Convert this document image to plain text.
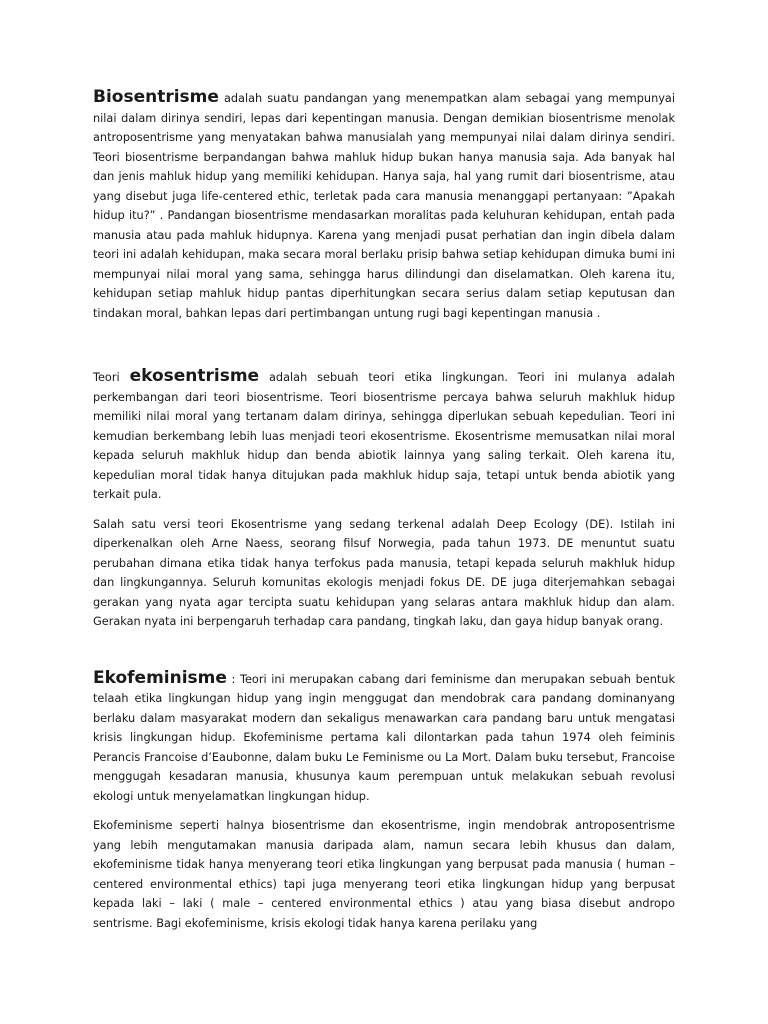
Biosentrisme adalah suatu pandangan yang menempatkan alam sebagai yang mempunyai nilai dalam dirinya sendiri, lepas dari kepentingan manusia. Dengan demikian biosentrisme menolak antroposentrisme yang menyatakan bahwa manusialah yang mempunyai nilai dalam dirinya sendiri. Teori biosentrisme berpandangan bahwa mahluk hidup bukan hanya manusia saja. Ada banyak hal dan jenis mahluk hidup yang memiliki kehidupan. Hanya saja, hal yang rumit dari biosentrisme, atau yang disebut juga life-centered ethic, terletak pada cara manusia menanggapi pertanyaan: ”Apakah hidup itu?” . Pandangan biosentrisme mendasarkan moralitas pada keluhuran kehidupan, entah pada manusia atau pada mahluk hidupnya. Karena yang menjadi pusat perhatian dan ingin dibela dalam teori ini adalah kehidupan, maka secara moral berlaku prisip bahwa setiap kehidupan dimuka bumi ini mempunyai nilai moral yang sama, sehingga harus dilindungi dan diselamatkan. Oleh karena itu, kehidupan setiap mahluk hidup pantas diperhitungkan secara serius dalam setiap keputusan dan tindakan moral, bahkan lepas dari pertimbangan untung rugi bagi kepentingan manusia .

Teori ekosentrisme adalah sebuah teori etika lingkungan. Teori ini mulanya adalah perkembangan dari teori biosentrisme. Teori biosentrisme percaya bahwa seluruh makhluk hidup memiliki nilai moral yang tertanam dalam dirinya, sehingga diperlukan sebuah kepedulian. Teori ini kemudian berkembang lebih luas menjadi teori ekosentrisme. Ekosentrisme memusatkan nilai moral kepada seluruh makhluk hidup dan benda abiotik lainnya yang saling terkait. Oleh karena itu, kepedulian moral tidak hanya ditujukan pada makhluk hidup saja, tetapi untuk benda abiotik yang terkait pula.

Salah satu versi teori Ekosentrisme yang sedang terkenal adalah Deep Ecology (DE). Istilah ini diperkenalkan oleh Arne Naess, seorang filsuf Norwegia, pada tahun 1973. DE menuntut suatu perubahan dimana etika tidak hanya terfokus pada manusia, tetapi kepada seluruh makhluk hidup dan lingkungannya. Seluruh komunitas ekologis menjadi fokus DE. DE juga diterjemahkan sebagai gerakan yang nyata agar tercipta suatu kehidupan yang selaras antara makhluk hidup dan alam. Gerakan nyata ini berpengaruh terhadap cara pandang, tingkah laku, dan gaya hidup banyak orang.

Ekofeminisme : Teori ini merupakan cabang dari feminisme dan merupakan sebuah bentuk telaah etika lingkungan hidup yang ingin menggugat dan mendobrak cara pandang dominanyang berlaku dalam masyarakat modern dan sekaligus menawarkan cara pandang baru untuk mengatasi krisis lingkungan hidup. Ekofeminisme pertama kali dilontarkan pada tahun 1974 oleh feiminis Perancis Francoise d’Eaubonne, dalam buku Le Feminisme ou La Mort. Dalam buku tersebut, Francoise menggugah kesadaran manusia, khusunya kaum perempuan untuk melakukan sebuah revolusi ekologi untuk menyelamatkan lingkungan hidup.

Ekofeminisme seperti halnya biosentrisme dan ekosentrisme, ingin mendobrak antroposentrisme yang lebih mengutamakan manusia daripada alam, namun secara lebih khusus dan dalam, ekofeminisme tidak hanya menyerang teori etika lingkungan yang berpusat pada manusia ( human – centered environmental ethics) tapi juga menyerang teori etika lingkungan hidup yang berpusat kepada laki – laki ( male – centered environmental ethics ) atau yang biasa disebut andropo sentrisme. Bagi ekofeminisme, krisis ekologi tidak hanya karena perilaku yang
